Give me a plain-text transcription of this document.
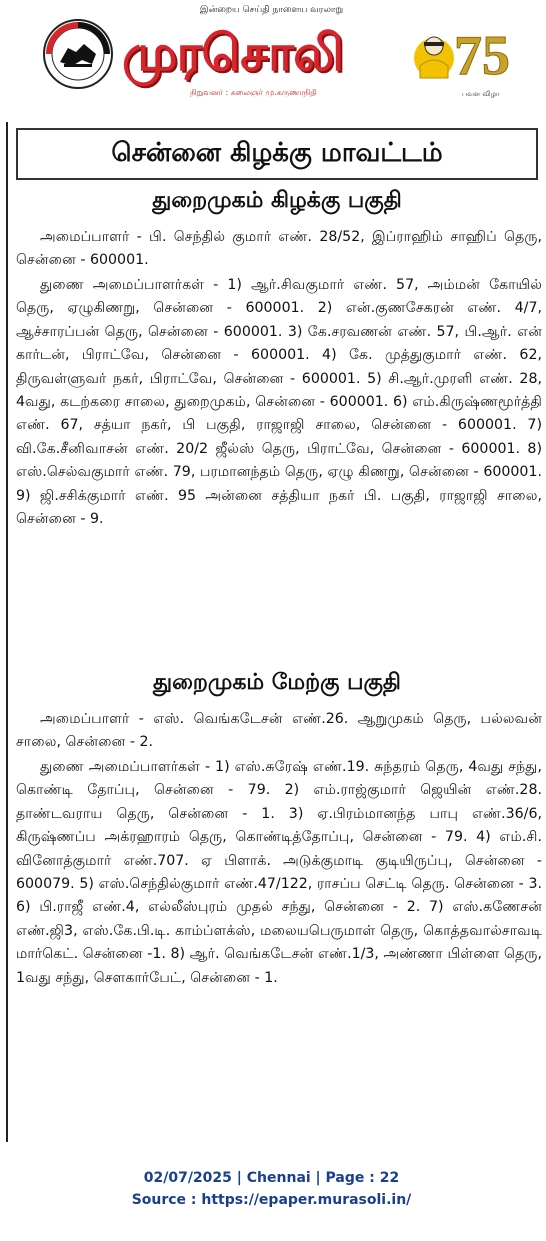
இன்றைய செய்தி நாளைய வரலாறு
முரசொலி
நிறுவனர் : கலைஞர் மு.கருணாநிதி
75
பவள விழா
சென்னை கிழக்கு மாவட்டம்
துறைமுகம் கிழக்கு பகுதி

அமைப்பாளர் - பி. செந்தில் குமார் எண். 28/52, இப்ராஹிம் சாஹிப் தெரு, சென்னை - 600001.

துணை அமைப்பாளர்கள் - 1) ஆர்.சிவகுமார் எண். 57, அம்மன் கோயில் தெரு, ஏழுகிணறு, சென்னை - 600001. 2) என்.குணசேகரன் எண். 4/7, ஆச்சாரப்பன் தெரு, சென்னை - 600001. 3) கே.சரவணன் எண். 57, பி.ஆர். என் கார்டன், பிராட்வே, சென்னை - 600001. 4) கே. முத்துகுமார் எண். 62, திருவள்ளுவர் நகர், பிராட்வே, சென்னை - 600001. 5) சி.ஆர்.முரளி எண். 28, 4வது, கடற்கரை சாலை, துறைமுகம், சென்னை - 600001. 6) எம்.கிருஷ்ணமூர்த்தி எண். 67, சத்யா நகர், பி பகுதி, ராஜாஜி சாலை, சென்னை - 600001. 7) வி.கே.சீனிவாசன் எண். 20/2 ஜீல்ஸ் தெரு, பிராட்வே, சென்னை - 600001. 8) எஸ்.செல்வகுமார் எண். 79, பரமானந்தம் தெரு, ஏழு கிணறு, சென்னை - 600001. 9) ஜி.சசிக்குமார் எண். 95 அன்னை சத்தியா நகர் பி. பகுதி, ராஜாஜி சாலை, சென்னை - 9.

துறைமுகம் மேற்கு பகுதி

அமைப்பாளர் - எஸ். வெங்கடேசன் எண்.26. ஆறுமுகம் தெரு, பல்லவன் சாலை, சென்னை - 2.

துணை அமைப்பாளர்கள் - 1) எஸ்.சுரேஷ் எண்.19. சுந்தரம் தெரு, 4வது சந்து, கொண்டி தோப்பு, சென்னை - 79. 2) எம்.ராஜ்குமார் ஜெயின் எண்.28. தாண்டவராய தெரு, சென்னை - 1. 3) ஏ.பிரம்மானந்த பாபு எண்.36/6, கிருஷ்ணப்ப அக்ரஹாரம் தெரு, கொண்டித்தோப்பு, சென்னை - 79. 4) எம்.சி. வினோத்குமார் எண்.707. ஏ பிளாக். அடுக்குமாடி குடியிருப்பு, சென்னை - 600079. 5) எஸ்.செந்தில்குமார் எண்.47/122, ராசப்ப செட்டி தெரு. சென்னை - 3. 6) பி.ராஜீ எண்.4, எல்லீஸ்புரம் முதல் சந்து, சென்னை - 2. 7) எஸ்.கணேசன் எண்.ஜி3, எஸ்.கே.பி.டி. காம்ப்ளக்ஸ், மலையபெருமாள் தெரு, கொத்தவால்சாவடி மார்கெட். சென்னை -1. 8) ஆர். வெங்கடேசன் எண்.1/3, அண்ணா பிள்ளை தெரு, 1வது சந்து, சௌகார்பேட், சென்னை - 1.

02/07/2025 | Chennai | Page : 22
Source : https://epaper.murasoli.in/
